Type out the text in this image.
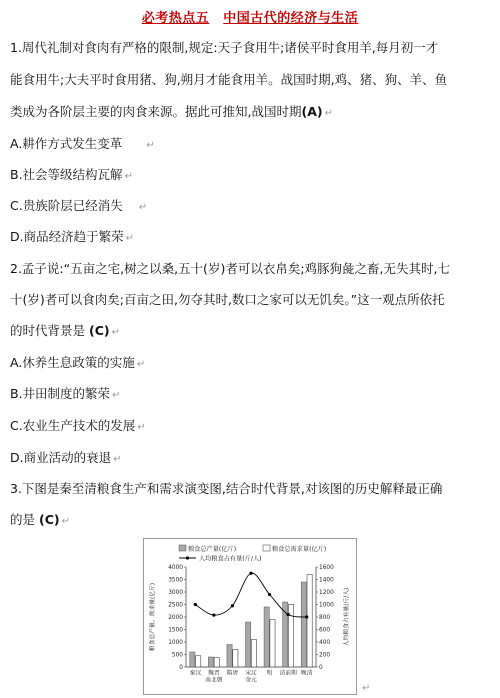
必考热点五 中国古代的经济与生活
1.周代礼制对食肉有严格的限制,规定:天子食用牛;诸侯平时食用羊,每月初一才
能食用牛;大夫平时食用猪、狗,朔月才能食用羊。战国时期,鸡、猪、狗、羊、鱼
类成为各阶层主要的肉食来源。据此可推知,战国时期(A) ↵
A.耕作方式发生变革 ↵
B.社会等级结构瓦解 ↵
C.贵族阶层已经消失 ↵
D.商品经济趋于繁荣 ↵
2.孟子说:“五亩之宅,树之以桑,五十(岁)者可以衣帛矣;鸡豚狗彘之畜,无失其时,七
十(岁)者可以食肉矣;百亩之田,勿夺其时,数口之家可以无饥矣。”这一观点所依托
的时代背景是 (C) ↵
A.休养生息政策的实施 ↵
B.井田制度的繁荣 ↵
C.农业生产技术的发展 ↵
D.商业活动的衰退 ↵
3.下图是秦至清粮食生产和需求演变图,结合时代背景,对该图的历史解释最正确
的是 (C) ↵
粮食总产量(亿斤)	粮食总需求量(亿斤)
人均粮食占有量(斤/人)
0
500
1000
1500
2000
2500
3000
3500
4000
0
200
400
600
800
1000
1200
1400
1600
粮食总产量、需求量(亿斤)	人均粮食占有量(斤/人)
秦汉 魏晋
南北朝
隋唐 宋辽
金元
明 清前期 晚清
↵
